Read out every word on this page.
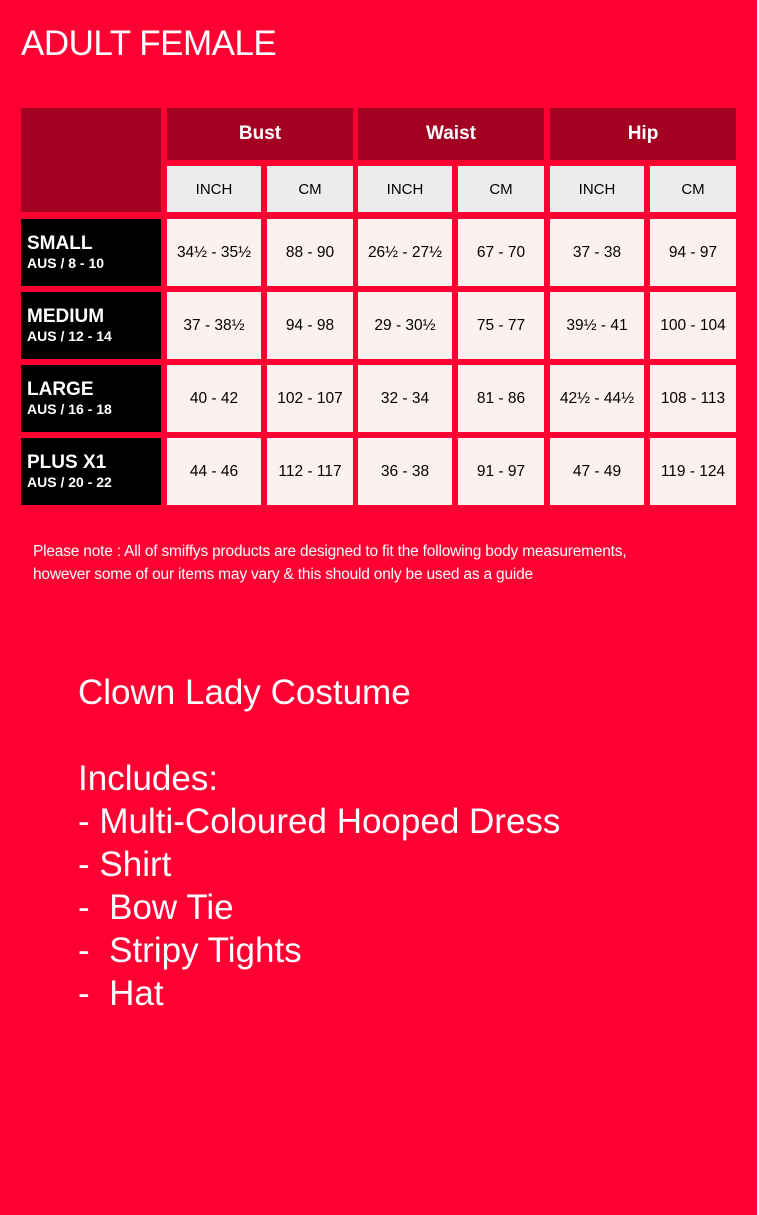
ADULT FEMALE
Bust	Waist	Hip
INCH	CM	INCH	CM	INCH	CM
SMALL
AUS / 8 - 10
34½ - 35½	88 - 90	26½ - 27½	67 - 70	37 - 38	94 - 97
MEDIUM
AUS / 12 - 14
37 - 38½	94 - 98	29 - 30½	75 - 77	39½ - 41	100 - 104
LARGE
AUS / 16 - 18
40 - 42	102 - 107	32 - 34	81 - 86	42½ - 44½	108 - 113
PLUS X1
AUS / 20 - 22
44 - 46	112 - 117	36 - 38	91 - 97	47 - 49	119 - 124
Please note : All of smiffys products are designed to fit the following body measurements,
however some of our items may vary & this should only be used as a guide
Clown Lady Costume

Includes:
- Multi-Coloured Hooped Dress
- Shirt
-  Bow Tie
-  Stripy Tights
-  Hat
